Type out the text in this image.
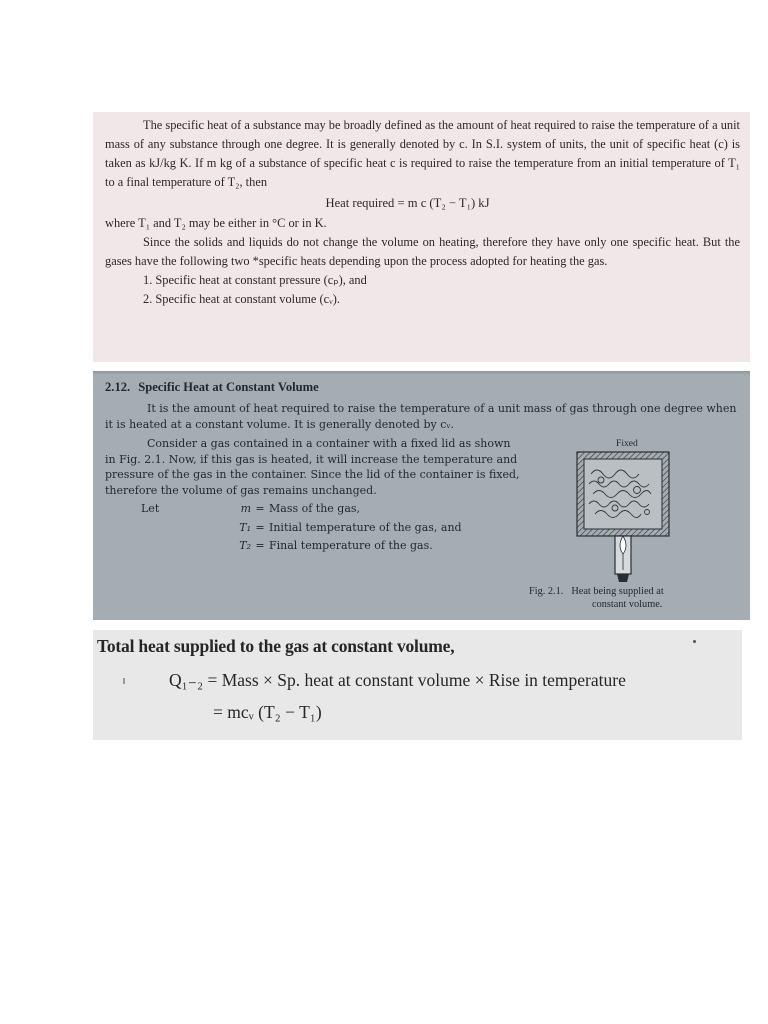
The specific heat of a substance may be broadly defined as the amount of heat required to raise the temperature of a unit mass of any substance through one degree. It is generally denoted by c. In S.I. system of units, the unit of specific heat (c) is taken as kJ/kg K. If m kg of a substance of specific heat c is required to raise the temperature from an initial temperature of T₁ to a final temperature of T₂, then

Heat required = m c (T₂ − T₁) kJ

where T₁ and T₂ may be either in °C or in K.

Since the solids and liquids do not change the volume on heating, therefore they have only one specific heat. But the gases have the following two *specific heats depending upon the process adopted for heating the gas.

1. Specific heat at constant pressure (cₚ), and

2. Specific heat at constant volume (cᵥ).

2.12. Specific Heat at Constant Volume
It is the amount of heat required to raise the temperature of a unit mass of gas through one degree when it is heated at a constant volume. It is generally denoted by cᵥ.
Consider a gas contained in a container with a fixed lid as shown in Fig. 2.1. Now, if this gas is heated, it will increase the temperature and pressure of the gas in the container. Since the lid of the container is fixed, therefore the volume of gas remains unchanged.
Let	m = Mass of the gas,
T₁ = Initial temperature of the gas, and
T₂ = Final temperature of the gas.
Fixed
Fig. 2.1. Heat being supplied at
constant volume.
Total heat supplied to the gas at constant volume,
Q₁₋₂ = Mass × Sp. heat at constant volume × Rise in temperature
= mcᵥ (T₂ − T₁)
